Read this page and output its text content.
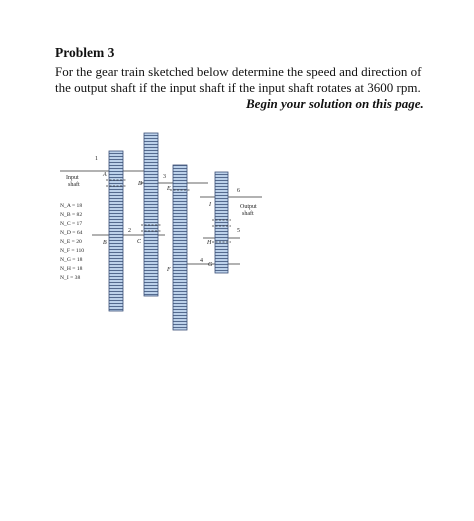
Problem 3
For the gear train sketched below determine the speed and direction of the output shaft if the input shaft if the input shaft rotates at 3600 rpm.
Begin your solution on this page.
1
2
3
4
5
6
A
B	C
D
E
F
G
H
I
Input
shaft
Output
shaft
N_A = 18
N_B = 82
N_C = 17
N_D = 64
N_E = 20
N_F = 110
N_G = 18
N_H = 18
N_I = 38
